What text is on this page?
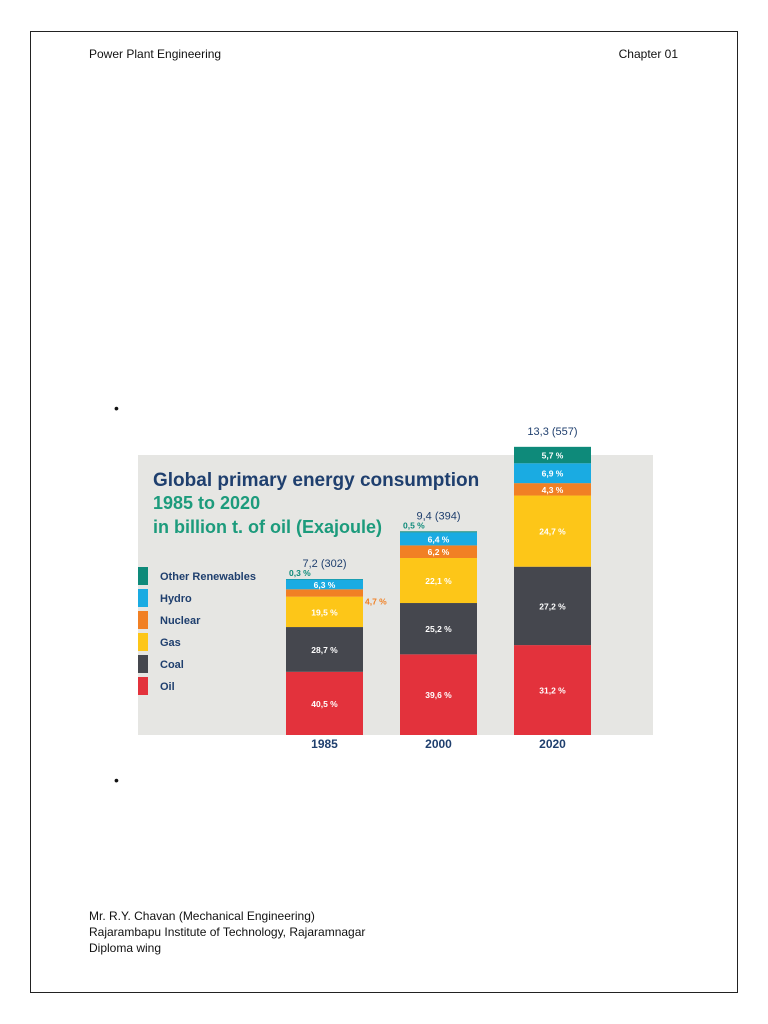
Power Plant Engineering	Chapter 01
•
Global primary energy consumption
1985 to 2020
in billion t. of oil (Exajoule)
Other Renewables
Hydro
Nuclear
Gas
Coal
Oil
40,5 %
28,7 %
19,5 %
4,7 %
6,3 %
0,3 %
7,2 (302)
39,6 %
25,2 %
22,1 %
6,2 %
6,4 %
0,5 %
9,4 (394)
31,2 %
27,2 %
24,7 %
4,3 %
6,9 %
5,7 %
13,3 (557)
•
Mr. R.Y. Chavan (Mechanical Engineering)
Rajarambapu Institute of Technology, Rajaramnagar
Diploma wing
1985	2000	2020
